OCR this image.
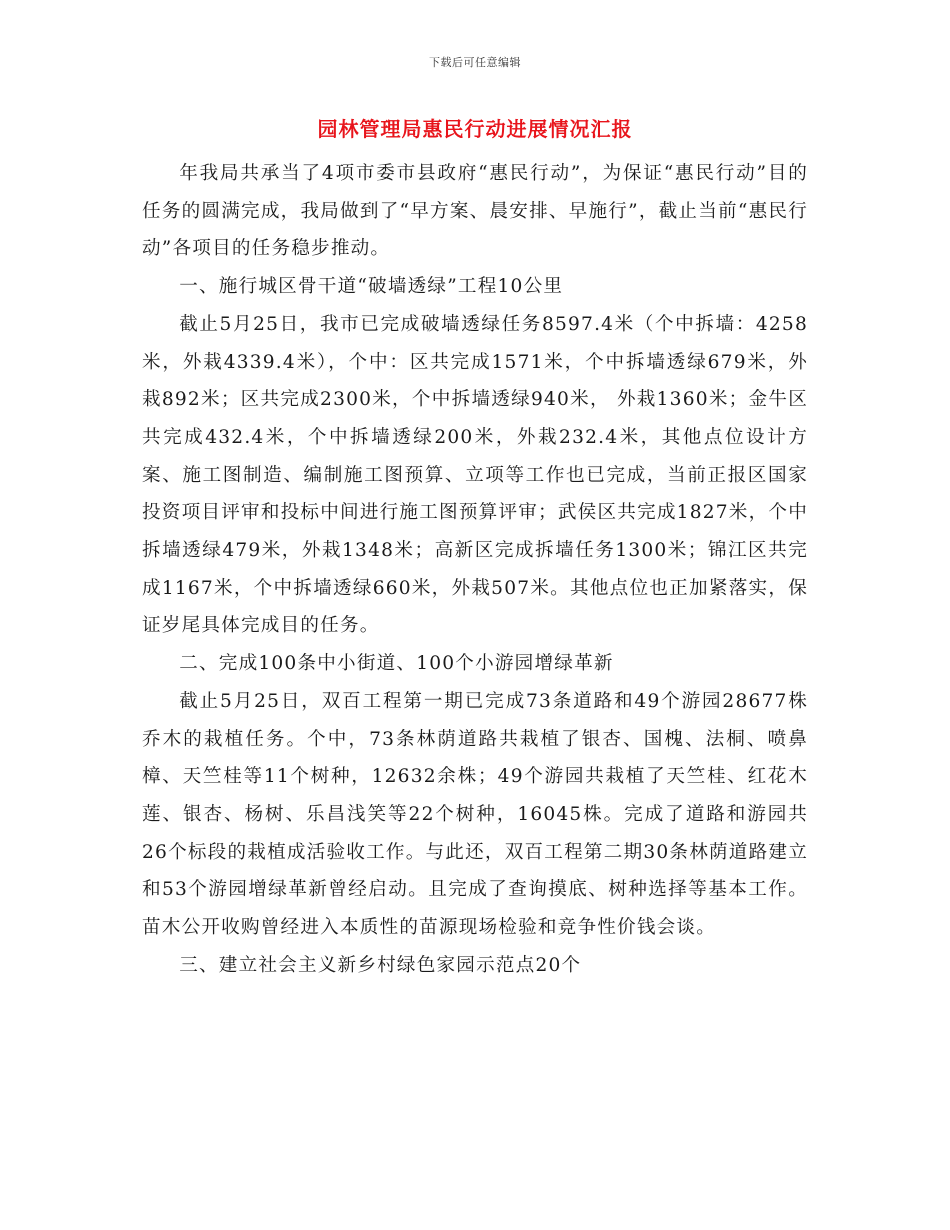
下载后可任意编辑
园林管理局惠民行动进展情况汇报

年我局共承当了4项市委市县政府“惠民行动”，为保证“惠民行动”目的任务的圆满完成，我局做到了“早方案、晨安排、早施行”，截止当前“惠民行动”各项目的任务稳步推动。

一、施行城区骨干道“破墙透绿”工程10公里

截止5月25日，我市已完成破墙透绿任务8597.4米（个中拆墙：4258米，外栽4339.4米），个中：区共完成1571米，个中拆墙透绿679米，外栽892米；区共完成2300米，个中拆墙透绿940米， 外栽1360米；金牛区共完成432.4米，个中拆墙透绿200米，外栽232.4米，其他点位设计方案、施工图制造、编制施工图预算、立项等工作也已完成，当前正报区国家投资项目评审和投标中间进行施工图预算评审；武侯区共完成1827米，个中拆墙透绿479米，外栽1348米；高新区完成拆墙任务1300米；锦江区共完成1167米，个中拆墙透绿660米，外栽507米。其他点位也正加紧落实，保证岁尾具体完成目的任务。

二、完成100条中小街道、100个小游园增绿革新

截止5月25日，双百工程第一期已完成73条道路和49个游园28677株乔木的栽植任务。个中，73条林荫道路共栽植了银杏、国槐、法桐、喷鼻樟、天竺桂等11个树种，12632余株；49个游园共栽植了天竺桂、红花木莲、银杏、杨树、乐昌浅笑等22个树种，16045株。完成了道路和游园共26个标段的栽植成活验收工作。与此还，双百工程第二期30条林荫道路建立和53个游园增绿革新曾经启动。且完成了查询摸底、树种选择等基本工作。苗木公开收购曾经进入本质性的苗源现场检验和竞争性价钱会谈。

三、建立社会主义新乡村绿色家园示范点20个
